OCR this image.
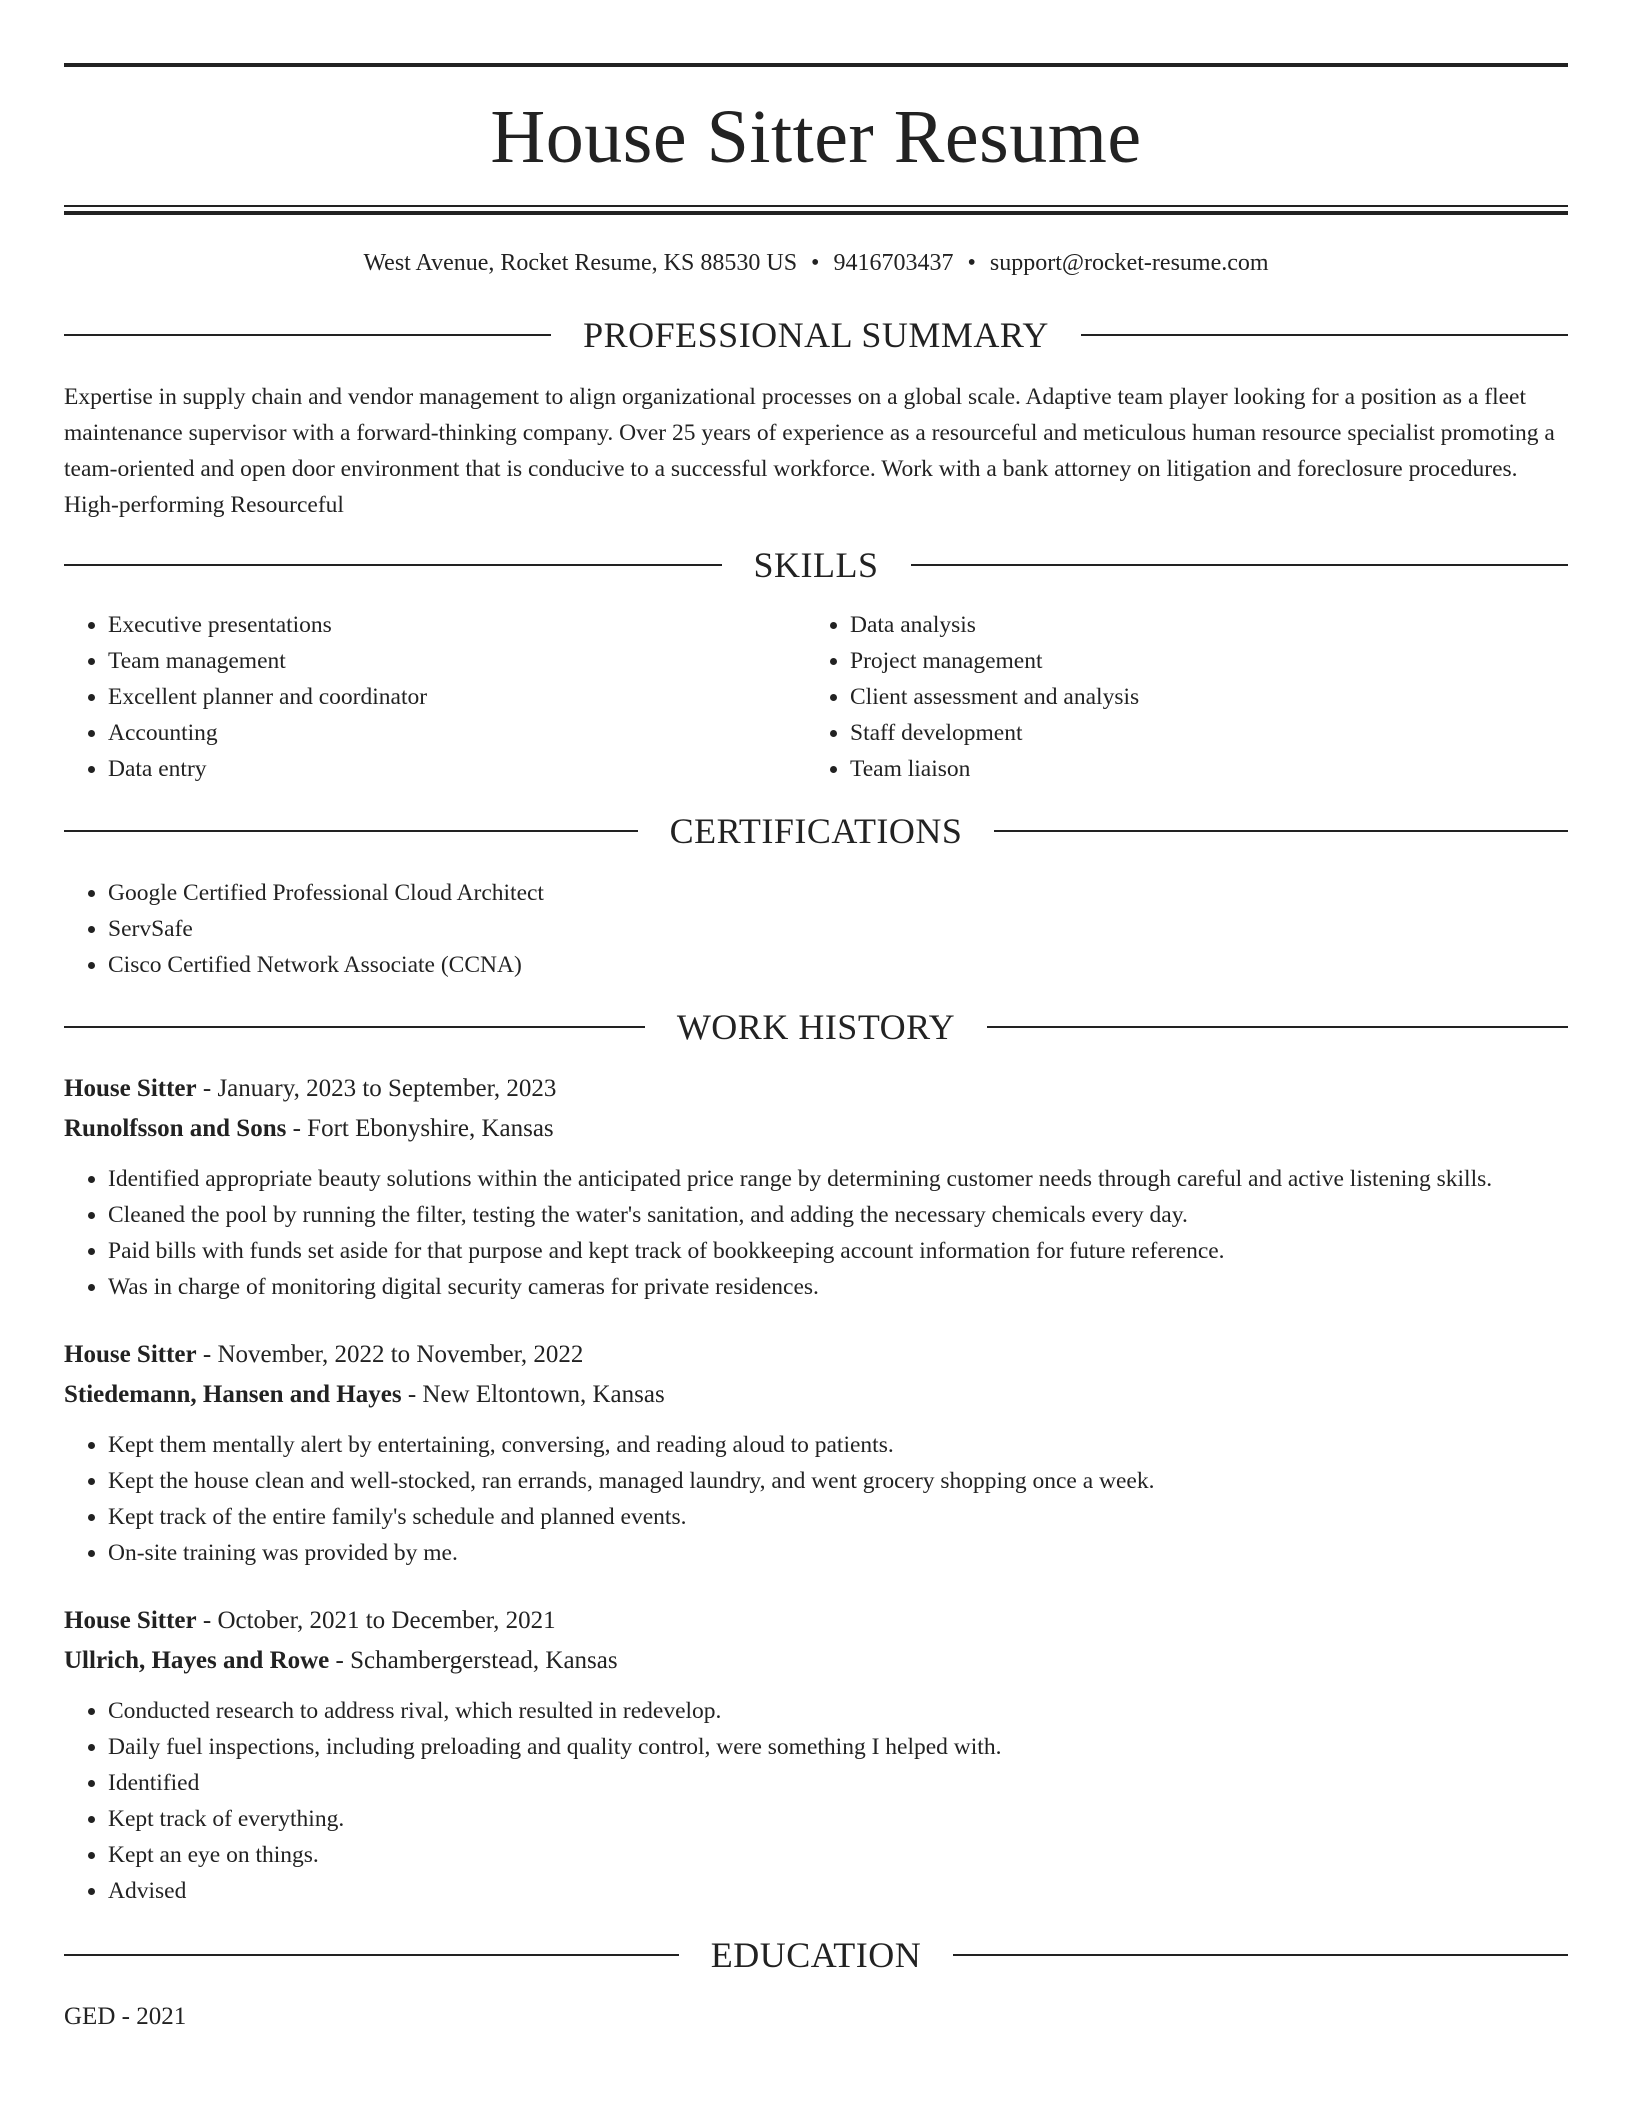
House Sitter Resume
West Avenue, Rocket Resume, KS 88530 US • 9416703437 • support@rocket-resume.com
PROFESSIONAL SUMMARY

Expertise in supply chain and vendor management to align organizational processes on a global scale. Adaptive team player looking for a position as a fleet maintenance supervisor with a forward-thinking company. Over 25 years of experience as a resourceful and meticulous human resource specialist promoting a team-oriented and open door environment that is conducive to a successful workforce. Work with a bank attorney on litigation and foreclosure procedures. High-performing Resourceful

SKILLS
• Executive presentations
• Team management
• Excellent planner and coordinator
• Accounting
• Data entry
• Data analysis
• Project management
• Client assessment and analysis
• Staff development
• Team liaison
CERTIFICATIONS
• Google Certified Professional Cloud Architect
• ServSafe
• Cisco Certified Network Associate (CCNA)
WORK HISTORY
House Sitter - January, 2023 to September, 2023
Runolfsson and Sons - Fort Ebonyshire, Kansas
• Identified appropriate beauty solutions within the anticipated price range by determining customer needs through careful and active listening skills.
• Cleaned the pool by running the filter, testing the water's sanitation, and adding the necessary chemicals every day.
• Paid bills with funds set aside for that purpose and kept track of bookkeeping account information for future reference.
• Was in charge of monitoring digital security cameras for private residences.
House Sitter - November, 2022 to November, 2022
Stiedemann, Hansen and Hayes - New Eltontown, Kansas
• Kept them mentally alert by entertaining, conversing, and reading aloud to patients.
• Kept the house clean and well-stocked, ran errands, managed laundry, and went grocery shopping once a week.
• Kept track of the entire family's schedule and planned events.
• On-site training was provided by me.
House Sitter - October, 2021 to December, 2021
Ullrich, Hayes and Rowe - Schambergerstead, Kansas
• Conducted research to address rival, which resulted in redevelop.
• Daily fuel inspections, including preloading and quality control, were something I helped with.
• Identified
• Kept track of everything.
• Kept an eye on things.
• Advised
EDUCATION
GED - 2021
